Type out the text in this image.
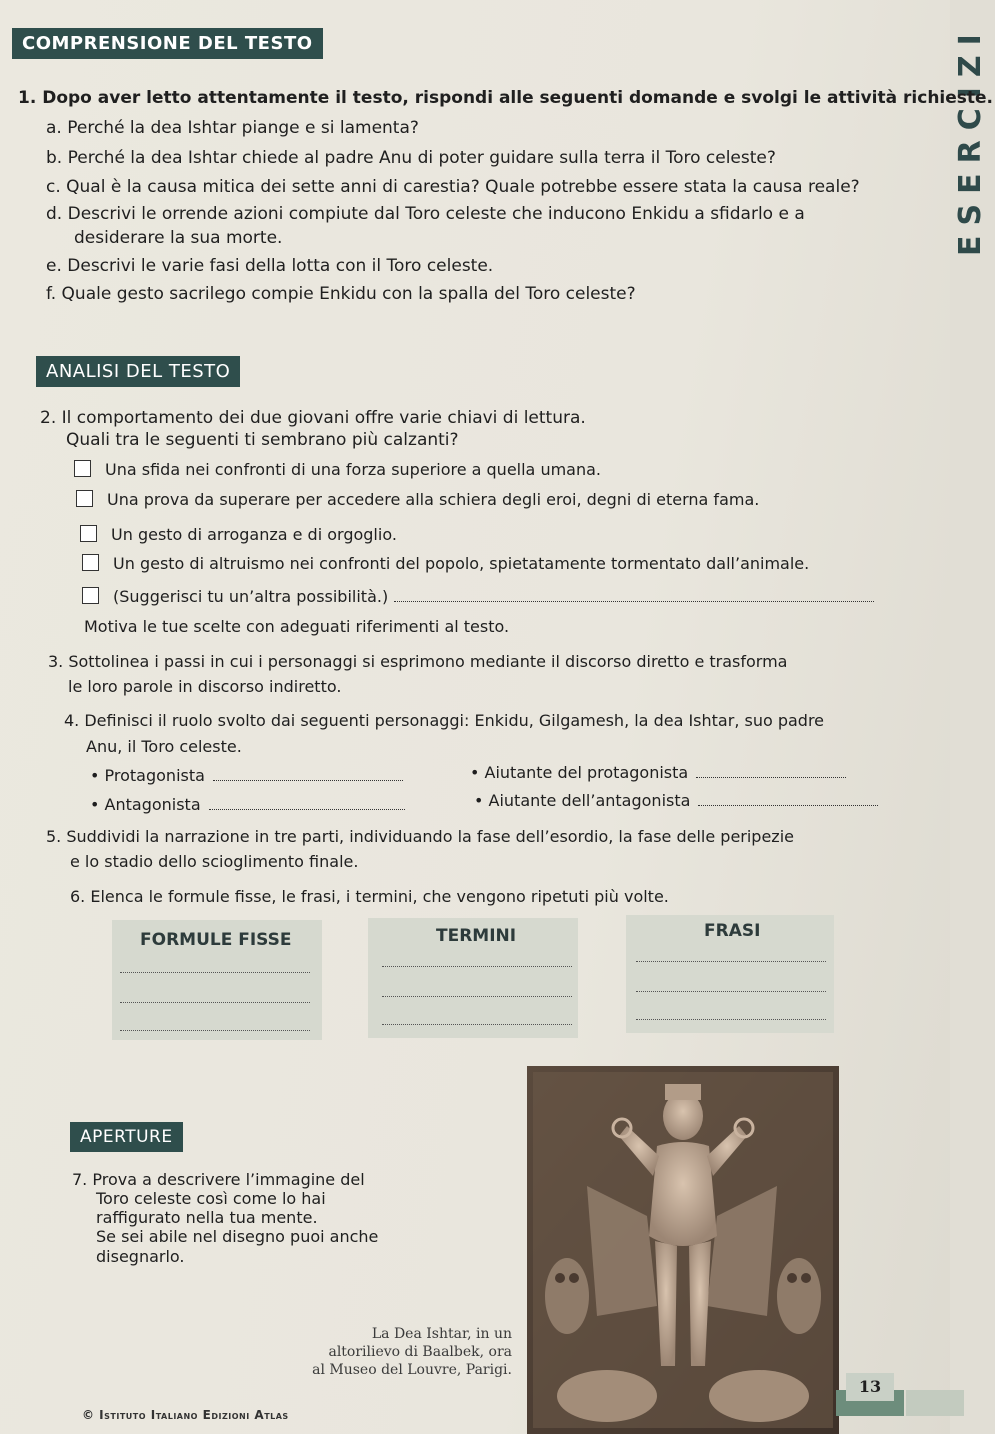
ESERCIZI
COMPRENSIONE DEL TESTO
1. Dopo aver letto attentamente il testo, rispondi alle seguenti domande e svolgi le attività richieste.
a. Perché la dea Ishtar piange e si lamenta?
b. Perché la dea Ishtar chiede al padre Anu di poter guidare sulla terra il Toro celeste?
c. Qual è la causa mitica dei sette anni di carestia? Quale potrebbe essere stata la causa reale?
d. Descrivi le orrende azioni compiute dal Toro celeste che inducono Enkidu a sfidarlo e a
desiderare la sua morte.
e. Descrivi le varie fasi della lotta con il Toro celeste.
f. Quale gesto sacrilego compie Enkidu con la spalla del Toro celeste?
ANALISI DEL TESTO
2. Il comportamento dei due giovani offre varie chiavi di lettura.
Quali tra le seguenti ti sembrano più calzanti?
Una sfida nei confronti di una forza superiore a quella umana.
Una prova da superare per accedere alla schiera degli eroi, degni di eterna fama.
Un gesto di arroganza e di orgoglio.
Un gesto di altruismo nei confronti del popolo, spietatamente tormentato dall’animale.
(Suggerisci tu un’altra possibilità.)
Motiva le tue scelte con adeguati riferimenti al testo.
3. Sottolinea i passi in cui i personaggi si esprimono mediante il discorso diretto e trasforma
le loro parole in discorso indiretto.
4. Definisci il ruolo svolto dai seguenti personaggi: Enkidu, Gilgamesh, la dea Ishtar, suo padre
Anu, il Toro celeste.
• Protagonista	• Aiutante del protagonista
• Antagonista	• Aiutante dell’antagonista
5. Suddividi la narrazione in tre parti, individuando la fase dell’esordio, la fase delle peripezie
e lo stadio dello scioglimento finale.
6. Elenca le formule fisse, le frasi, i termini, che vengono ripetuti più volte.
FORMULE FISSE	TERMINI	FRASI
APERTURE
7. Prova a descrivere l’immagine del
Toro celeste così come lo hai
raffigurato nella tua mente.
Se sei abile nel disegno puoi anche
disegnarlo.
La Dea Ishtar, in un
altorilievo di Baalbek, ora
al Museo del Louvre, Parigi.
13
© Istituto Italiano Edizioni Atlas
